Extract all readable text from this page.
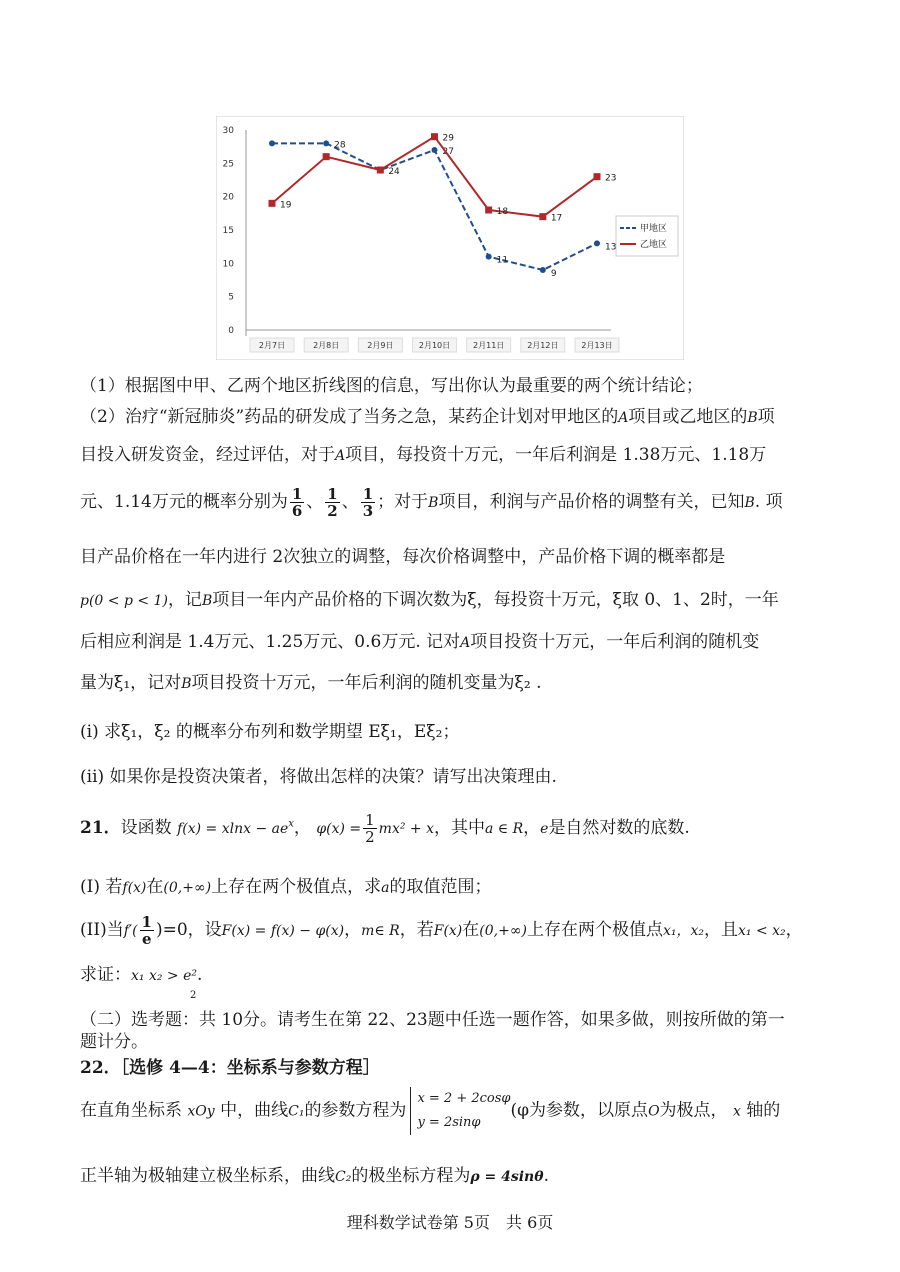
0
5
10
15
20
25
30
2月7日	2月8日	2月9日	2月10日	2月11日	2月12日	2月13日
28
24
27
11
9
13
19
29
18
17
23
甲地区
乙地区
（1）根据图中甲、乙两个地区折线图的信息，写出你认为最重要的两个统计结论；
（2）治疗“新冠肺炎”药品的研发成了当务之急，某药企计划对甲地区的A项目或乙地区的B项
目投入研发资金，经过评估，对于A项目，每投资十万元，一年后利润是 1.38万元、1.18万
元、1.14万元的概率分别为 $\frac{1}{6}$ 、 $\frac{1}{2}$ 、 $\frac{1}{3}$ ；对于B项目，利润与产品价格的调整有关，已知B. 项
目产品价格在一年内进行 2次独立的调整，每次价格调整中，产品价格下调的概率都是
p(0 < p < 1)，记B项目一年内产品价格的下调次数为ξ，每投资十万元，ξ取 0、1、2时，一年
后相应利润是 1.4万元、1.25万元、0.6万元. 记对A项目投资十万元，一年后利润的随机变
量为ξ₁，记对B项目投资十万元，一年后利润的随机变量为ξ₂ .
(i) 求ξ₁，ξ₂ 的概率分布列和数学期望 Eξ₁，Eξ₂；
(ii) 如果你是投资决策者，将做出怎样的决策？请写出决策理由.
21．设函数 $f(x) = xlnx - ae^x$， $\varphi(x) = \frac{1}{2} mx^2 + x$，其中a ∈ R，e是自然对数的底数.
(I) 若f(x)在(0,+∞)上存在两个极值点，求a的取值范围；
(II)当$f'( \frac{1}{e} )=0$，设F(x) = f(x) − φ(x)，m∈ R，若F(x)在(0,+∞)上存在两个极值点x₁，x₂，且x₁ < x₂，
求证：x₁ x₂ > e².
2
（二）选考题：共 10分。请考生在第 22、23题中任选一题作答，如果多做，则按所做的第一
题计分。
22．［选修 4—4：坐标系与参数方程］
在直角坐标系 xOy 中，曲线C₁的参数方程为
x = 2 + 2cosφ
y = 2sinφ
(φ为参数，以原点O为极点， x 轴的
正半轴为极轴建立极坐标系，曲线C₂的极坐标方程为ρ = 4sinθ.
理科数学试卷第 5页　共 6页
